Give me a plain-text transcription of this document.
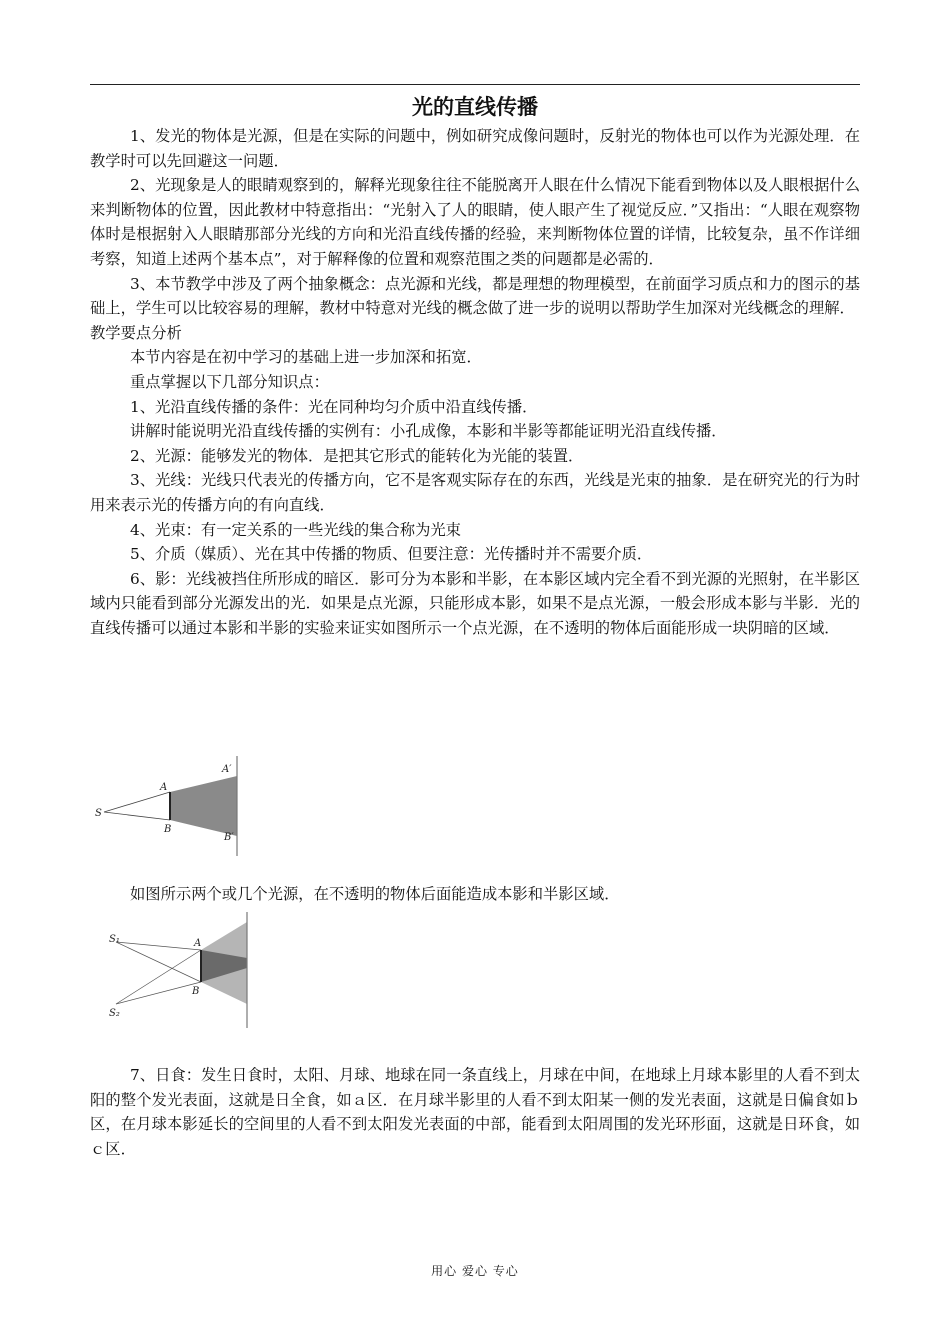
光的直线传播

1、发光的物体是光源，但是在实际的问题中，例如研究成像问题时，反射光的物体也可以作为光源处理．在教学时可以先回避这一问题．

2、光现象是人的眼睛观察到的，解释光现象往往不能脱离开人眼在什么情况下能看到物体以及人眼根据什么来判断物体的位置，因此教材中特意指出：“光射入了人的眼睛，使人眼产生了视觉反应．”又指出：“人眼在观察物体时是根据射入人眼睛那部分光线的方向和光沿直线传播的经验，来判断物体位置的详情，比较复杂，虽不作详细考察，知道上述两个基本点”，对于解释像的位置和观察范围之类的问题都是必需的．

3、本节教学中涉及了两个抽象概念：点光源和光线，都是理想的物理模型，在前面学习质点和力的图示的基础上，学生可以比较容易的理解，教材中特意对光线的概念做了进一步的说明以帮助学生加深对光线概念的理解．

教学要点分析

本节内容是在初中学习的基础上进一步加深和拓宽．

重点掌握以下几部分知识点：

1、光沿直线传播的条件：光在同种均匀介质中沿直线传播．

讲解时能说明光沿直线传播的实例有：小孔成像，本影和半影等都能证明光沿直线传播．

2、光源：能够发光的物体．是把其它形式的能转化为光能的装置．

3、光线：光线只代表光的传播方向，它不是客观实际存在的东西，光线是光束的抽象．是在研究光的行为时用来表示光的传播方向的有向直线．

4、光束：有一定关系的一些光线的集合称为光束

5、介质（媒质）、光在其中传播的物质、但要注意：光传播时并不需要介质．

6、影：光线被挡住所形成的暗区．影可分为本影和半影，在本影区域内完全看不到光源的光照射，在半影区域内只能看到部分光源发出的光．如果是点光源，只能形成本影，如果不是点光源，一般会形成本影与半影．光的直线传播可以通过本影和半影的实验来证实如图所示一个点光源，在不透明的物体后面能形成一块阴暗的区域．

S
A
B
A′
B′
如图所示两个或几个光源，在不透明的物体后面能造成本影和半影区域．
S₁
S₂
A
B

7、日食：发生日食时，太阳、月球、地球在同一条直线上，月球在中间，在地球上月球本影里的人看不到太阳的整个发光表面，这就是日全食，如ａ区．在月球半影里的人看不到太阳某一侧的发光表面，这就是日偏食如ｂ区，在月球本影延长的空间里的人看不到太阳发光表面的中部，能看到太阳周围的发光环形面，这就是日环食，如ｃ区．

用心 爱心 专心
